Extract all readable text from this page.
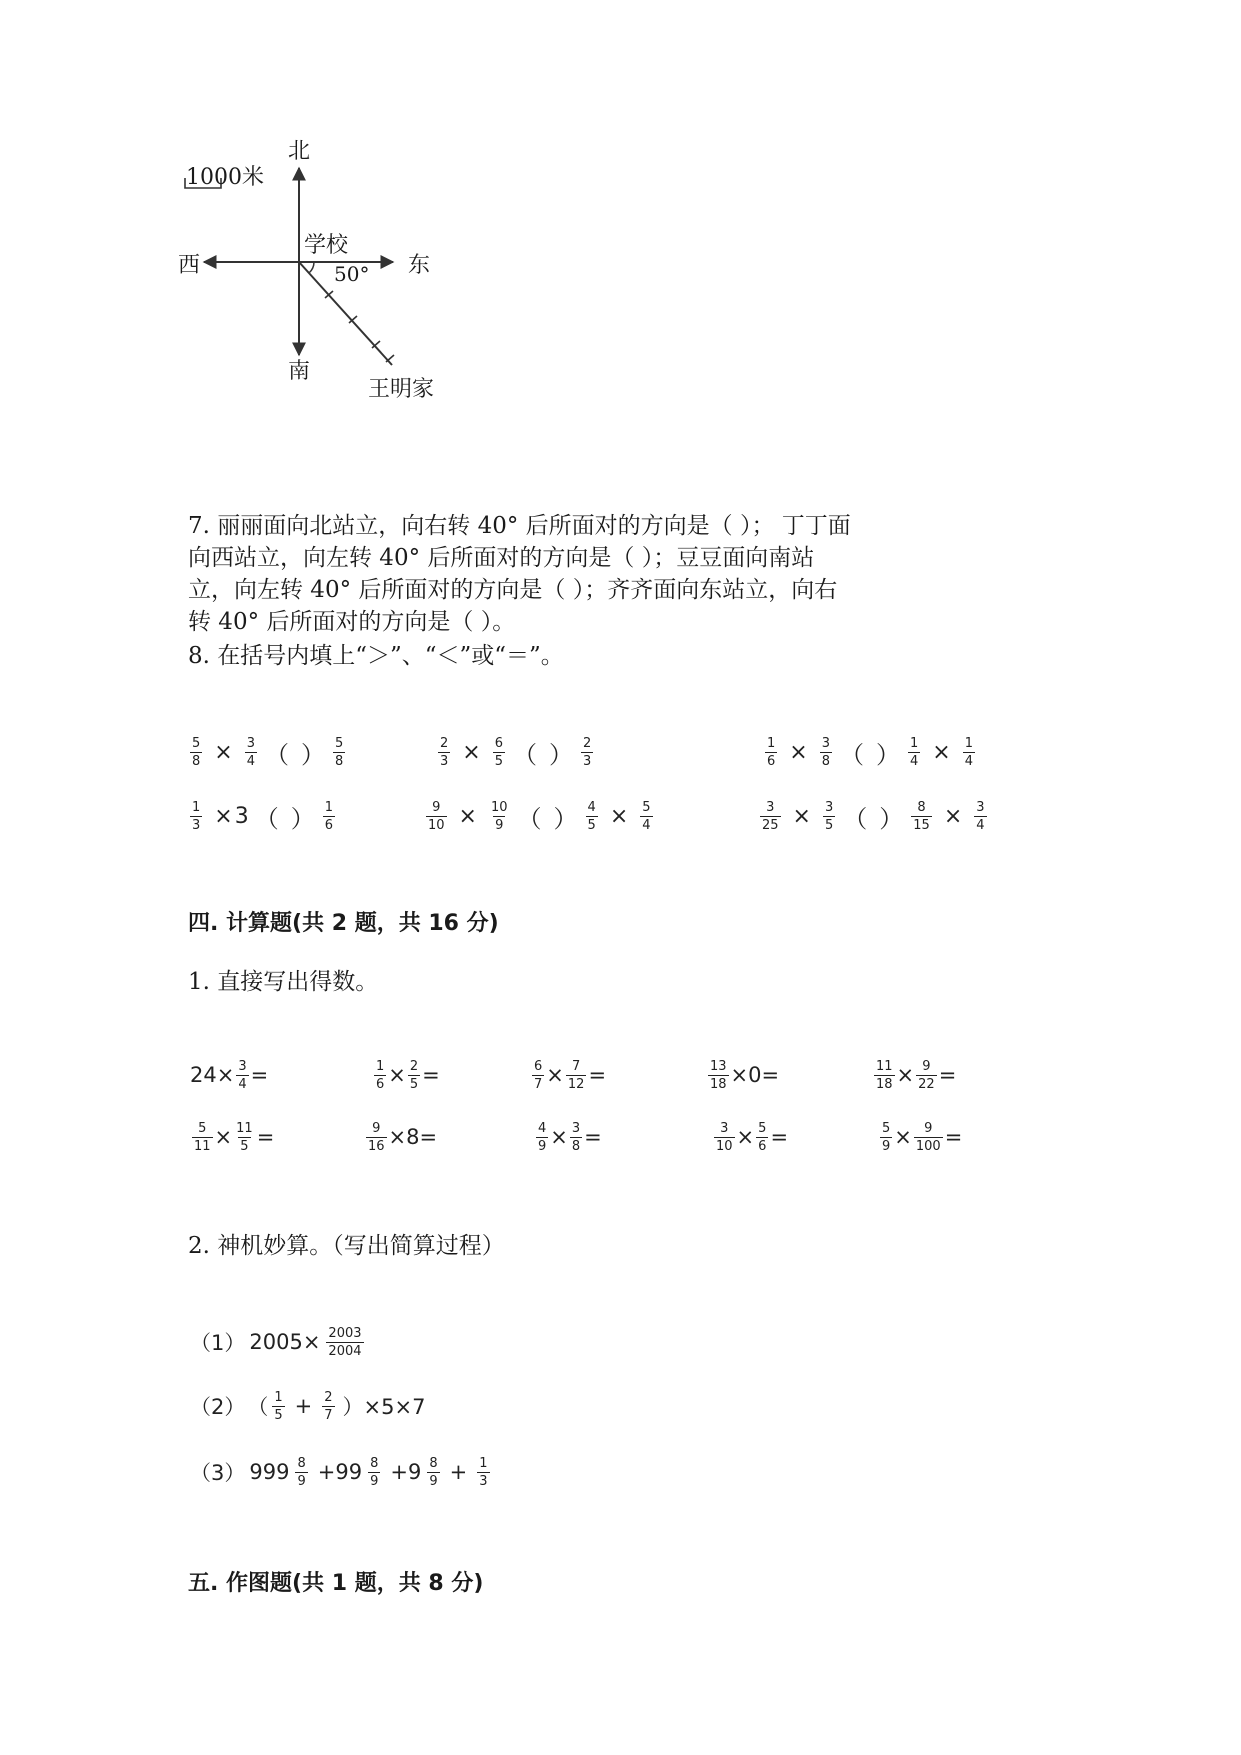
北
南
西	东
学校
50°
1000米
王明家
7. 丽丽面向北站立，向右转 40° 后所面对的方向是（ ）； 丁丁面
向西站立，向左转 40° 后所面对的方向是（ ）；豆豆面向南站
立，向左转 40° 后所面对的方向是（ ）；齐齐面向东站立，向右
转 40° 后所面对的方向是（ ）。
8. 在括号内填上“＞”、“＜”或“＝”。
$\frac{5}{8} \times \frac{3}{4}$ （ ） $\frac{5}{8}$	$\frac{2}{3} \times \frac{6}{5}$ （ ） $\frac{2}{3}$	$\frac{1}{6} \times \frac{3}{8}$ （ ） $\frac{1}{4} \times \frac{1}{4}$
$\frac{1}{3} \times 3$ （ ） $\frac{1}{6}$	$\frac{9}{10} \times \frac{10}{9}$ （ ） $\frac{4}{5} \times \frac{5}{4}$	$\frac{3}{25} \times \frac{3}{5}$ （ ） $\frac{8}{15} \times \frac{3}{4}$
四. 计算题(共 2 题，共 16 分)
1. 直接写出得数。
$24 \times \frac{3}{4}$ =	$\frac{1}{6} \times \frac{2}{5}$ =	$\frac{6}{7} \times \frac{7}{12}$ =	$\frac{13}{18} \times 0$ =	$\frac{11}{18} \times \frac{9}{22}$ =
$\frac{5}{11} \times \frac{11}{5}$ =	$\frac{9}{16} \times 8$ =	$\frac{4}{9} \times \frac{3}{8}$ =	$\frac{3}{10} \times \frac{5}{6}$ =	$\frac{5}{9} \times \frac{9}{100}$ =
2. 神机妙算。（写出简算过程）
（1） $2005\times \frac{2003}{2004}$
（2） （ $\frac{1}{5} + \frac{2}{7} )\times 5\times 7$
（3） $999 \frac{8}{9} +99 \frac{8}{9} +9 \frac{8}{9} + \frac{1}{3}$
五. 作图题(共 1 题，共 8 分)
